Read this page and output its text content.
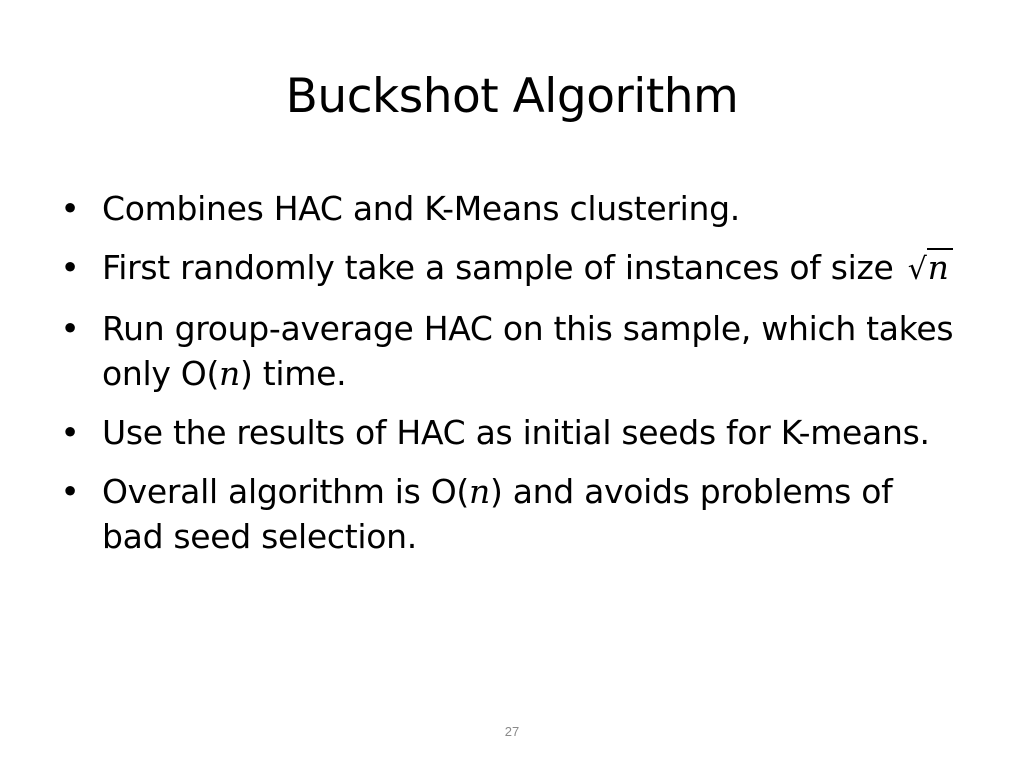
Buckshot Algorithm
• Combines HAC and K-Means clustering.
• First randomly take a sample of instances of size √n
• Run group-average HAC on this sample, which takes only O(n) time.
• Use the results of HAC as initial seeds for K-means.
• Overall algorithm is O(n) and avoids problems of bad seed selection.
27
